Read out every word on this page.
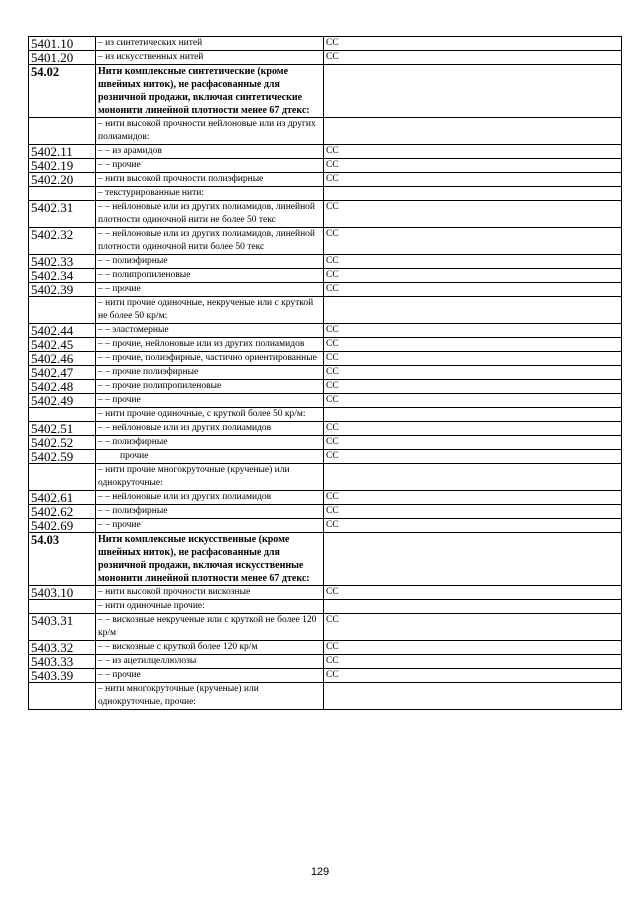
5401.10	– из синтетических нитей	СС
5401.20	– из искусственных нитей	СС
54.02	Нити комплексные синтетические (кроме швейных ниток), не расфасованные для розничной продажи, включая синтетические мононити линейной плотности менее 67 дтекс:	
	– нити высокой прочности нейлоновые или из других полиамидов:	
5402.11	– – из арамидов	СС
5402.19	– – прочие	СС
5402.20	– нити высокой прочности полиэфирные	СС
	– текстурированные нити:	
5402.31	– – нейлоновые или из других полиамидов, линейной плотности одиночной нити не более 50 текс	СС
5402.32	– – нейлоновые или из других полиамидов, линейной плотности одиночной нити более 50 текс	СС
5402.33	– – полиэфирные	СС
5402.34	– – полипропиленовые	СС
5402.39	– – прочие	СС
	– нити прочие одиночные, некрученые или с круткой не более 50 кр/м:	
5402.44	– – эластомерные	СС
5402.45	– – прочие, нейлоновые или из других полиамидов	СС
5402.46	– – прочие, полиэфирные, частично ориентированные	СС
5402.47	– – прочие полиэфирные	СС
5402.48	– – прочие полипропиленовые	СС
5402.49	– – прочие	СС
	– нити прочие одиночные, с круткой более 50 кр/м:	
5402.51	– – нейлоновые или из других полиамидов	СС
5402.52	– – полиэфирные	СС
5402.59	прочие	СС
	– нити прочие многокруточные (крученые) или однокруточные:	
5402.61	– – нейлоновые или из других полиамидов	СС
5402.62	– – полиэфирные	СС
5402.69	– – прочие	СС
54.03	Нити комплексные искусственные (кроме швейных ниток), не расфасованные для розничной продажи, включая искусственные мононити линейной плотности менее 67 дтекс:	
5403.10	– нити высокой прочности вискозные	СС
	– нити одиночные прочие:	
5403.31	– – вискозные некрученые или с круткой не более 120 кр/м	СС
5403.32	– – вискозные с круткой более 120 кр/м	СС
5403.33	– – из ацетилцеллюлозы	СС
5403.39	– – прочие	СС
	– нити многокруточные (крученые) или однокруточные, прочие:	
129
